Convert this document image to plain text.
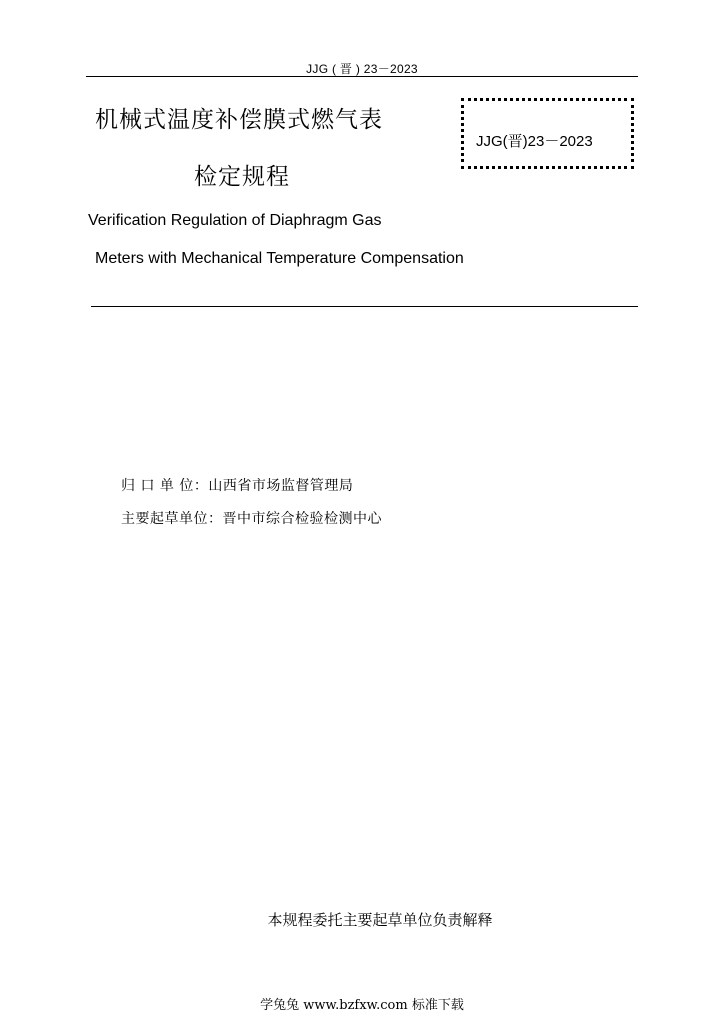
JJG ( 晋 ) 23－2023
机械式温度补偿膜式燃气表
检定规程
JJG(晋)23－2023
Verification Regulation of Diaphragm Gas
Meters with Mechanical Temperature Compensation
归 口 单 位：山西省市场监督管理局
主要起草单位：晋中市综合检验检测中心
本规程委托主要起草单位负责解释
学兔兔 www.bzfxw.com 标准下载
